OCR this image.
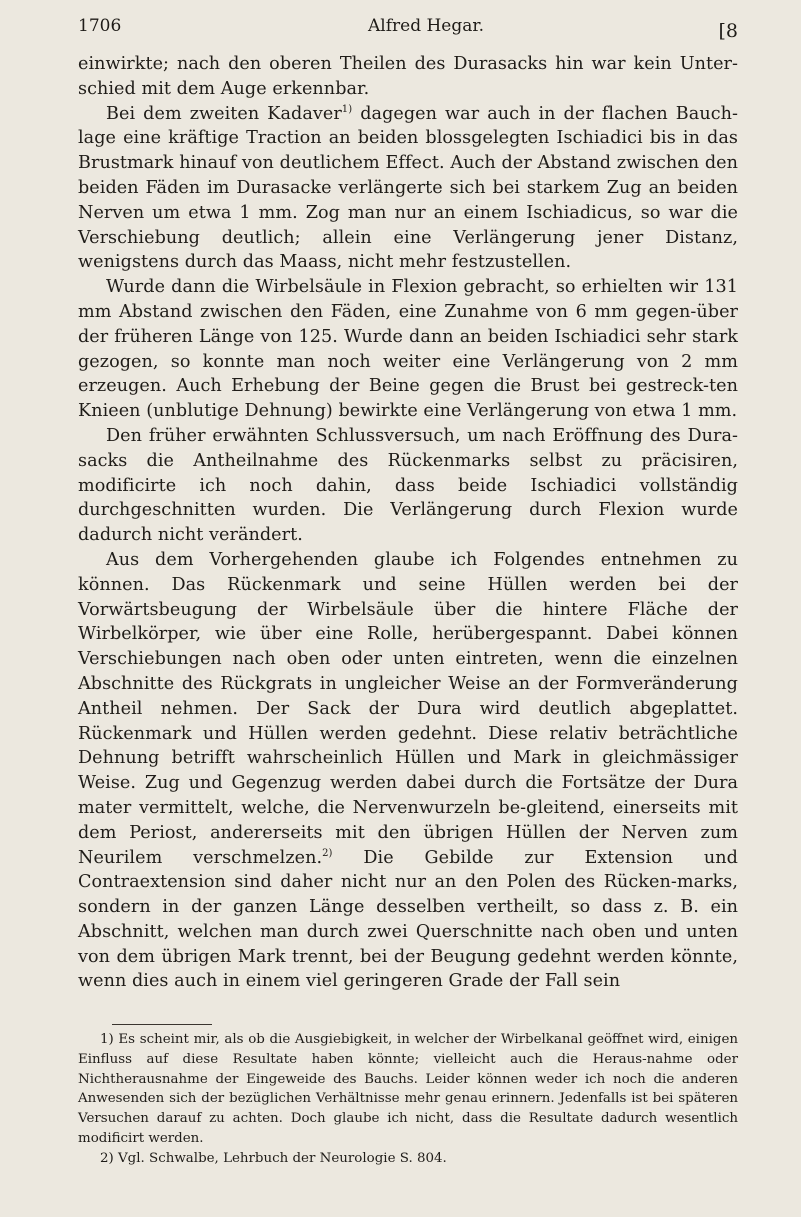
1706	Alfred Hegar.	[8

einwirkte; nach den oberen Theilen des Durasacks hin war kein Unter-schied mit dem Auge erkennbar.

Bei dem zweiten Kadaver$^{1)}$ dagegen war auch in der flachen Bauch-lage eine kräftige Traction an beiden blossgelegten Ischiadici bis in das Brustmark hinauf von deutlichem Effect. Auch der Abstand zwischen den beiden Fäden im Durasacke verlängerte sich bei starkem Zug an beiden Nerven um etwa 1 mm. Zog man nur an einem Ischiadicus, so war die Verschiebung deutlich; allein eine Verlängerung jener Distanz, wenigstens durch das Maass, nicht mehr festzustellen.

Wurde dann die Wirbelsäule in Flexion gebracht, so erhielten wir 131 mm Abstand zwischen den Fäden, eine Zunahme von 6 mm gegen-über der früheren Länge von 125. Wurde dann an beiden Ischiadici sehr stark gezogen, so konnte man noch weiter eine Verlängerung von 2 mm erzeugen. Auch Erhebung der Beine gegen die Brust bei gestreck-ten Knieen (unblutige Dehnung) bewirkte eine Verlängerung von etwa 1 mm.

Den früher erwähnten Schlussversuch, um nach Eröffnung des Dura-sacks die Antheilnahme des Rückenmarks selbst zu präcisiren, modificirte ich noch dahin, dass beide Ischiadici vollständig durchgeschnitten wurden. Die Verlängerung durch Flexion wurde dadurch nicht verändert.

Aus dem Vorhergehenden glaube ich Folgendes entnehmen zu können. Das Rückenmark und seine Hüllen werden bei der Vorwärtsbeugung der Wirbelsäule über die hintere Fläche der Wirbelkörper, wie über eine Rolle, herübergespannt. Dabei können Verschiebungen nach oben oder unten eintreten, wenn die einzelnen Abschnitte des Rückgrats in ungleicher Weise an der Formveränderung Antheil nehmen. Der Sack der Dura wird deutlich abgeplattet. Rückenmark und Hüllen werden gedehnt. Diese relativ beträchtliche Dehnung betrifft wahrscheinlich Hüllen und Mark in gleichmässiger Weise. Zug und Gegenzug werden dabei durch die Fortsätze der Dura mater vermittelt, welche, die Nervenwurzeln be-gleitend, einerseits mit dem Periost, andererseits mit den übrigen Hüllen der Nerven zum Neurilem verschmelzen.$^{2)}$ Die Gebilde zur Extension und Contraextension sind daher nicht nur an den Polen des Rücken-marks, sondern in der ganzen Länge desselben vertheilt, so dass z. B. ein Abschnitt, welchen man durch zwei Querschnitte nach oben und unten von dem übrigen Mark trennt, bei der Beugung gedehnt werden könnte, wenn dies auch in einem viel geringeren Grade der Fall sein

1) Es scheint mir, als ob die Ausgiebigkeit, in welcher der Wirbelkanal geöffnet wird, einigen Einfluss auf diese Resultate haben könnte; vielleicht auch die Heraus-nahme oder Nichtherausnahme der Eingeweide des Bauchs. Leider können weder ich noch die anderen Anwesenden sich der bezüglichen Verhältnisse mehr genau erinnern. Jedenfalls ist bei späteren Versuchen darauf zu achten. Doch glaube ich nicht, dass die Resultate dadurch wesentlich modificirt werden.

2) Vgl. Schwalbe, Lehrbuch der Neurologie S. 804.
